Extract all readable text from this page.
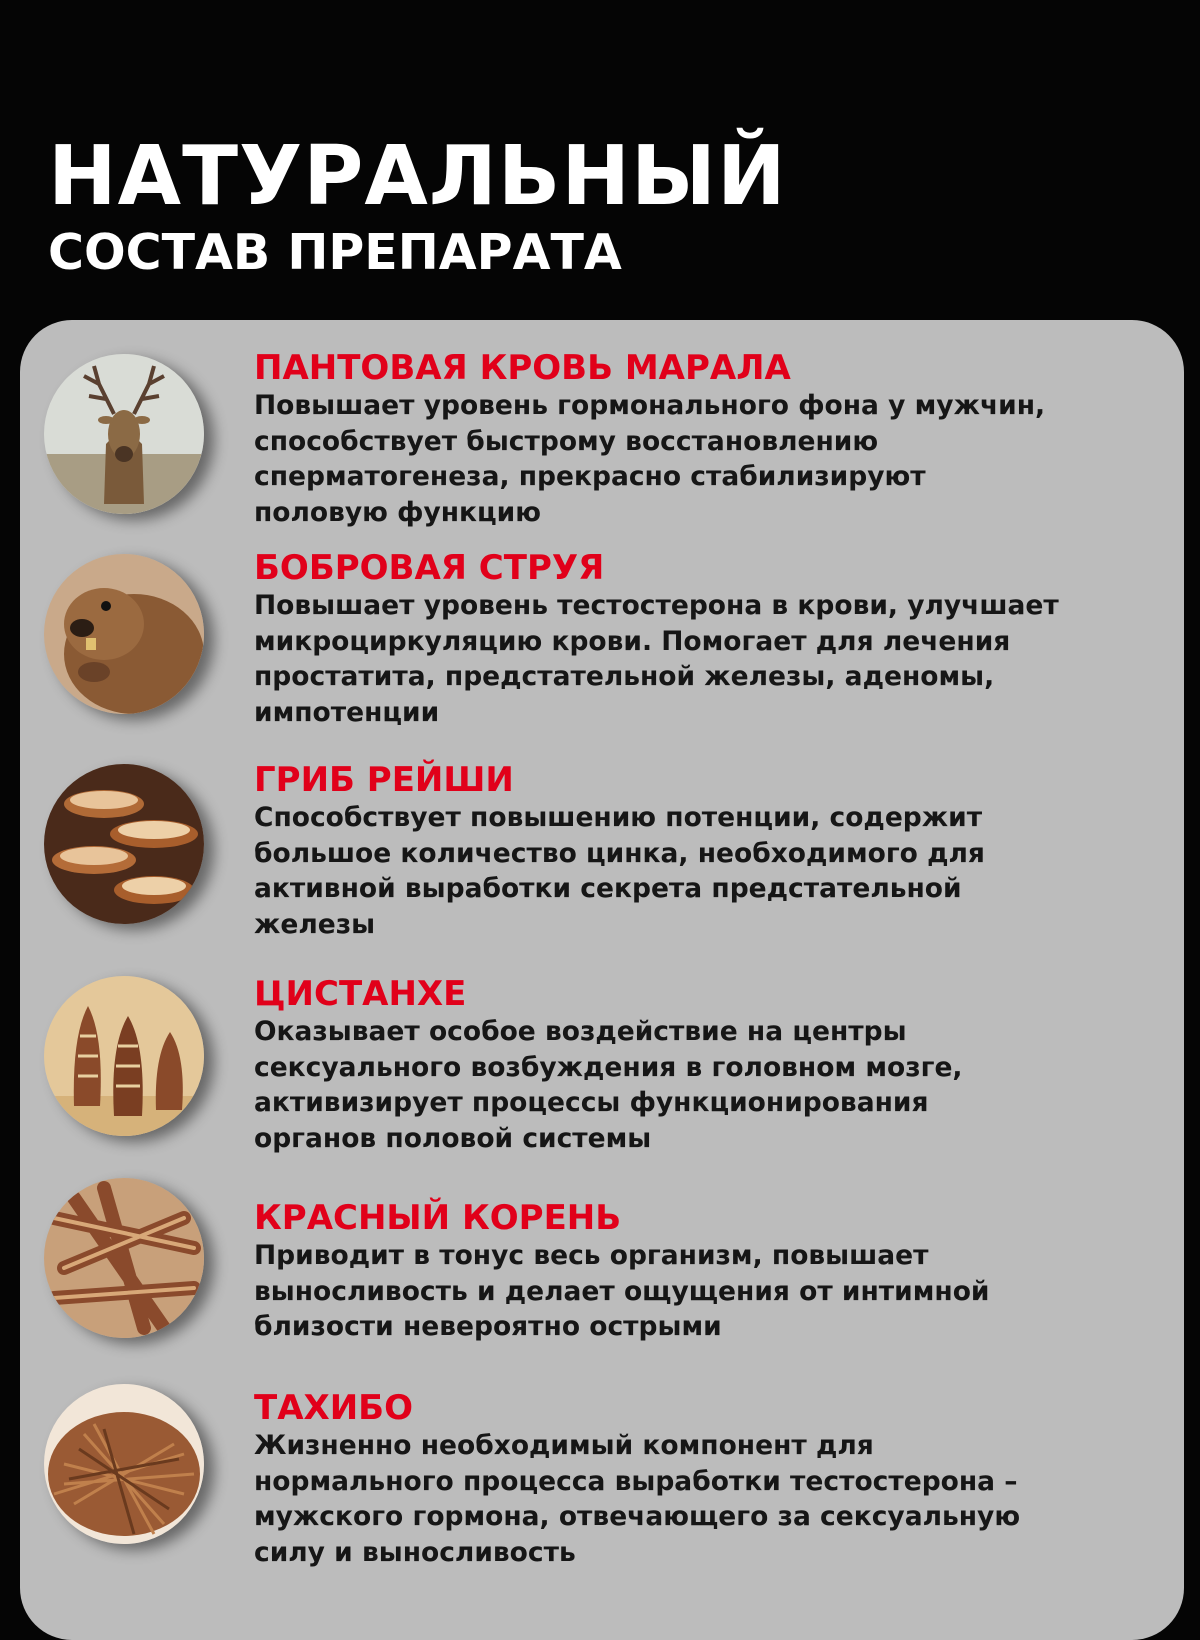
НАТУРАЛЬНЫЙ
СОСТАВ ПРЕПАРАТА
ПАНТОВАЯ КРОВЬ МАРАЛА
Повышает уровень гормонального фона у мужчин,
способствует быстрому восстановлению
сперматогенеза, прекрасно стабилизируют
половую функцию
БОБРОВАЯ СТРУЯ
Повышает уровень тестостерона в крови, улучшает
микроциркуляцию крови. Помогает для лечения
простатита, предстательной железы, аденомы,
импотенции
ГРИБ РЕЙШИ
Способствует повышению потенции, содержит
большое количество цинка, необходимого для
активной выработки секрета предстательной
железы
ЦИСТАНХЕ
Оказывает особое воздействие на центры
сексуального возбуждения в головном мозге,
активизирует процессы функционирования
органов половой системы
КРАСНЫЙ КОРЕНЬ
Приводит в тонус весь организм, повышает
выносливость и делает ощущения от интимной
близости невероятно острыми
ТАХИБО
Жизненно необходимый компонент для
нормального процесса выработки тестостерона –
мужского гормона, отвечающего за сексуальную
силу и выносливость
